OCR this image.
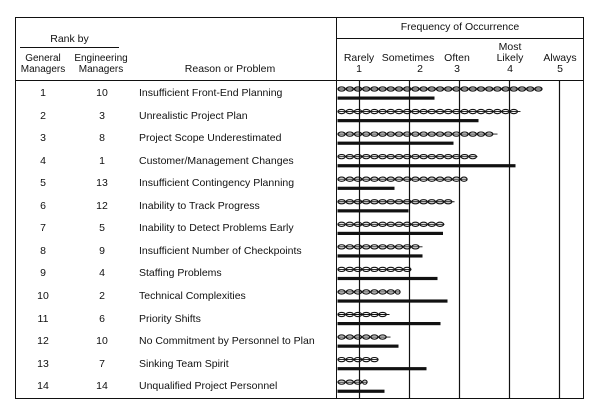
Rank by
General
Managers
Engineering
Managers	Reason or Problem
Frequency of Occurrence
Rarely
1
Sometimes
2
Often
3
Most
Likely
4
Always
5
1	10	Insufficient Front-End Planning
2	3	Unrealistic Project Plan
3	8	Project Scope Underestimated
4	1	Customer/Management Changes
5	13	Insufficient Contingency Planning
6	12	Inability to Track Progress
7	5	Inability to Detect Problems Early
8	9	Insufficient Number of Checkpoints
9	4	Staffing Problems
10	2	Technical Complexities
11	6	Priority Shifts
12	10	No Commitment by Personnel to Plan
13	7	Sinking Team Spirit
14	14	Unqualified Project Personnel
